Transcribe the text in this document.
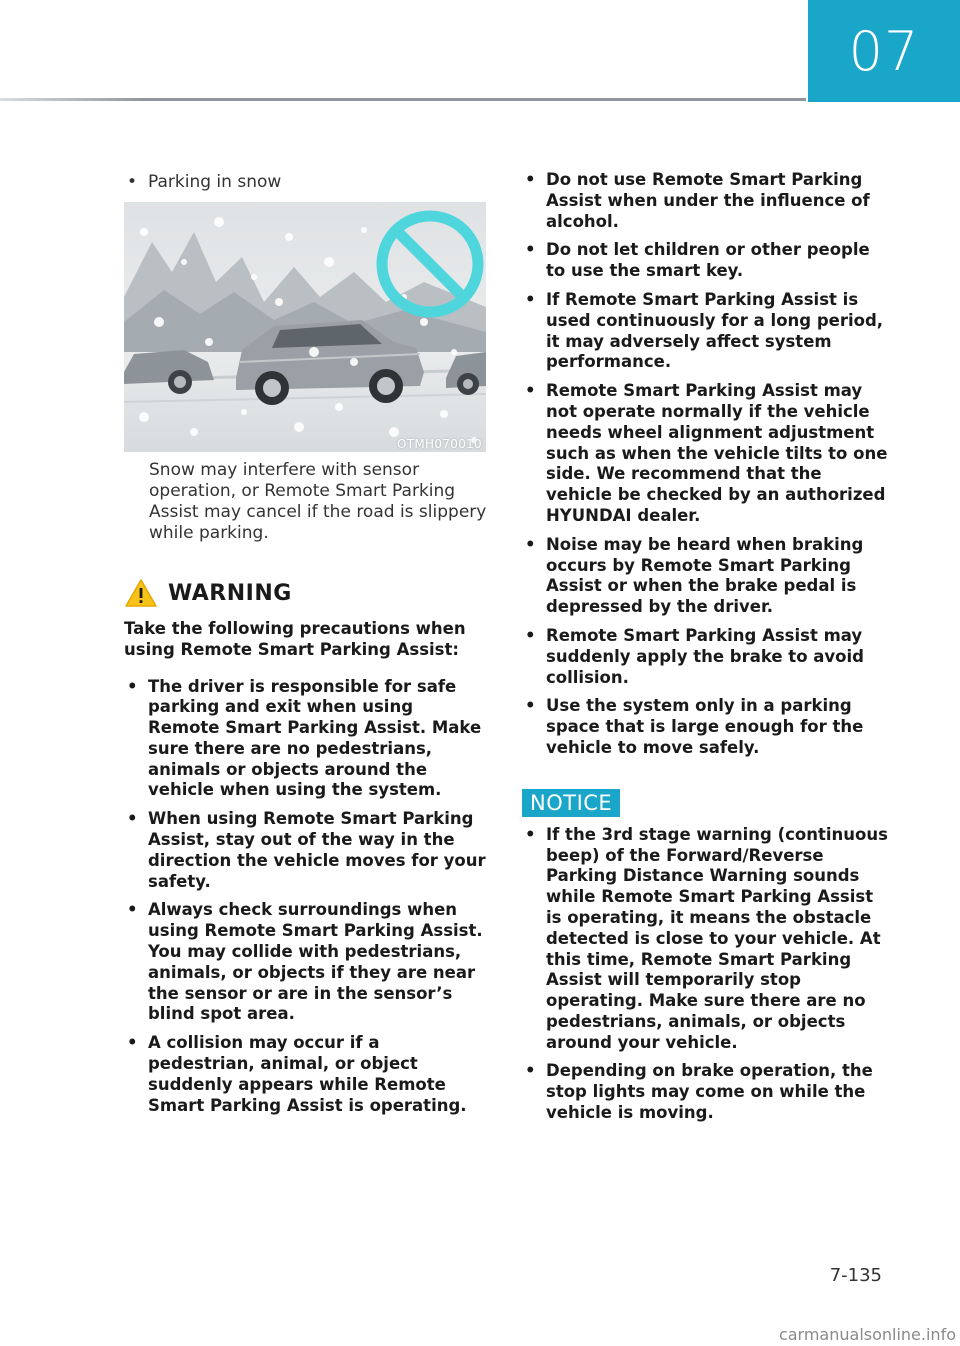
07
• Parking in snow
OTMH070010

Snow may interfere with sensor operation, or Remote Smart Parking Assist may cancel if the road is slippery while parking.

WARNING

Take the following precautions when using Remote Smart Parking Assist:

• The driver is responsible for safe parking and exit when using Remote Smart Parking Assist. Make sure there are no pedestrians, animals or objects around the vehicle when using the system.
• When using Remote Smart Parking Assist, stay out of the way in the direction the vehicle moves for your safety.
• Always check surroundings when using Remote Smart Parking Assist. You may collide with pedestrians, animals, or objects if they are near the sensor or are in the sensor’s blind spot area.
• A collision may occur if a pedestrian, animal, or object suddenly appears while Remote Smart Parking Assist is operating.
• Do not use Remote Smart Parking Assist when under the influence of alcohol.
• Do not let children or other people to use the smart key.
• If Remote Smart Parking Assist is used continuously for a long period, it may adversely affect system performance.
• Remote Smart Parking Assist may not operate normally if the vehicle needs wheel alignment adjustment such as when the vehicle tilts to one side. We recommend that the vehicle be checked by an authorized HYUNDAI dealer.
• Noise may be heard when braking occurs by Remote Smart Parking Assist or when the brake pedal is depressed by the driver.
• Remote Smart Parking Assist may suddenly apply the brake to avoid collision.
• Use the system only in a parking space that is large enough for the vehicle to move safely.
NOTICE
• If the 3rd stage warning (continuous beep) of the Forward/Reverse Parking Distance Warning sounds while Remote Smart Parking Assist is operating, it means the obstacle detected is close to your vehicle. At this time, Remote Smart Parking Assist will temporarily stop operating. Make sure there are no pedestrians, animals, or objects around your vehicle.
• Depending on brake operation, the stop lights may come on while the vehicle is moving.
7-135
carmanualsonline.info
